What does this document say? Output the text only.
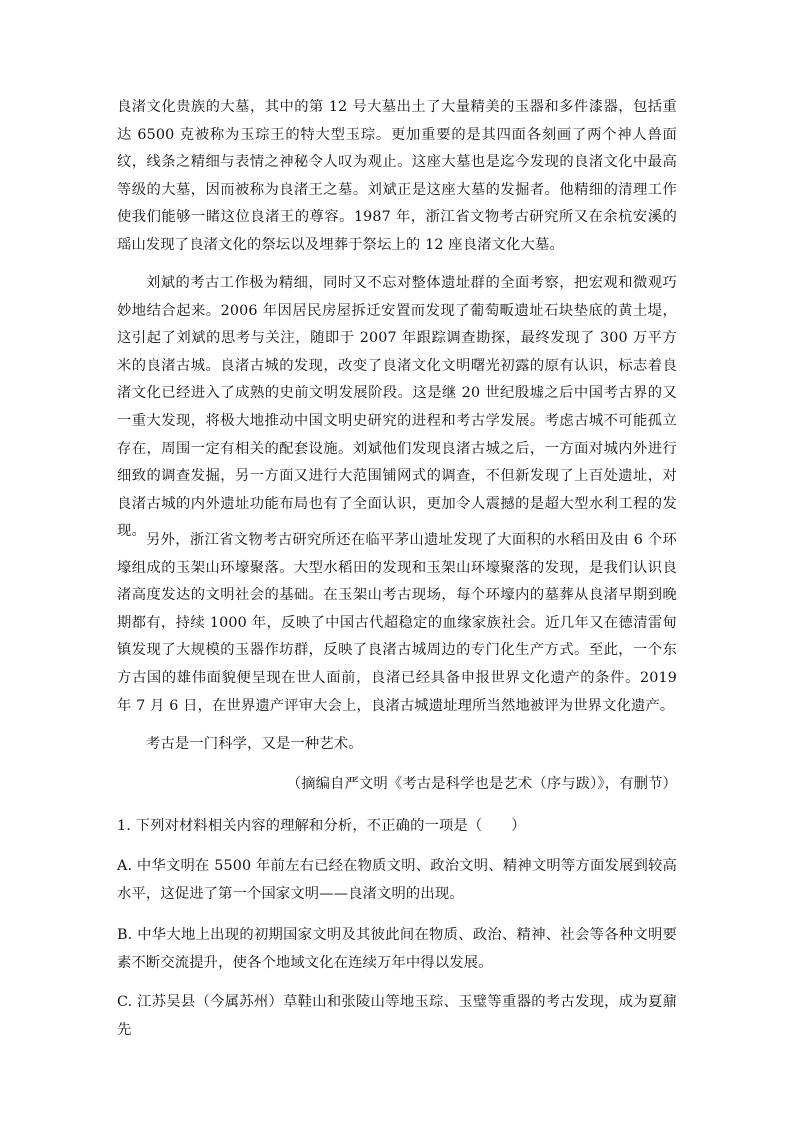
良渚文化贵族的大墓，其中的第 12 号大墓出土了大量精美的玉器和多件漆器，包括重达 6500 克被称为玉琮王的特大型玉琮。更加重要的是其四面各刻画了两个神人兽面纹，线条之精细与表情之神秘令人叹为观止。这座大墓也是迄今发现的良渚文化中最高等级的大墓，因而被称为良渚王之墓。刘斌正是这座大墓的发掘者。他精细的清理工作使我们能够一睹这位良渚王的尊容。1987 年，浙江省文物考古研究所又在余杭安溪的瑶山发现了良渚文化的祭坛以及埋葬于祭坛上的 12 座良渚文化大墓。

刘斌的考古工作极为精细，同时又不忘对整体遗址群的全面考察，把宏观和微观巧妙地结合起来。2006 年因居民房屋拆迁安置而发现了葡萄畈遗址石块垫底的黄土堤，这引起了刘斌的思考与关注，随即于 2007 年跟踪调查勘探，最终发现了 300 万平方米的良渚古城。良渚古城的发现，改变了良渚文化文明曙光初露的原有认识，标志着良渚文化已经进入了成熟的史前文明发展阶段。这是继 20 世纪殷墟之后中国考古界的又一重大发现，将极大地推动中国文明史研究的进程和考古学发展。考虑古城不可能孤立存在，周围一定有相关的配套设施。刘斌他们发现良渚古城之后，一方面对城内外进行细致的调查发掘，另一方面又进行大范围铺网式的调查，不但新发现了上百处遗址，对良渚古城的内外遗址功能布局也有了全面认识，更加令人震撼的是超大型水利工程的发现。

另外，浙江省文物考古研究所还在临平茅山遗址发现了大面积的水稻田及由 6 个环壕组成的玉架山环壕聚落。大型水稻田的发现和玉架山环壕聚落的发现，是我们认识良渚高度发达的文明社会的基础。在玉架山考古现场，每个环壕内的墓葬从良渚早期到晚期都有，持续 1000 年，反映了中国古代超稳定的血缘家族社会。近几年又在德清雷甸镇发现了大规模的玉器作坊群，反映了良渚古城周边的专门化生产方式。至此，一个东方古国的雄伟面貌便呈现在世人面前，良渚已经具备申报世界文化遗产的条件。2019 年 7 月 6 日，在世界遗产评审大会上，良渚古城遗址理所当然地被评为世界文化遗产。

考古是一门科学，又是一种艺术。

（摘编自严文明《考古是科学也是艺术（序与跋）》，有删节）

1. 下列对材料相关内容的理解和分析，不正确的一项是（　　）

A. 中华文明在 5500 年前左右已经在物质文明、政治文明、精神文明等方面发展到较高水平，这促进了第一个国家文明——良渚文明的出现。

B. 中华大地上出现的初期国家文明及其彼此间在物质、政治、精神、社会等各种文明要素不断交流提升，使各个地域文化在连续万年中得以发展。

C. 江苏吴县（今属苏州）草鞋山和张陵山等地玉琮、玉璧等重器的考古发现，成为夏鼐先
